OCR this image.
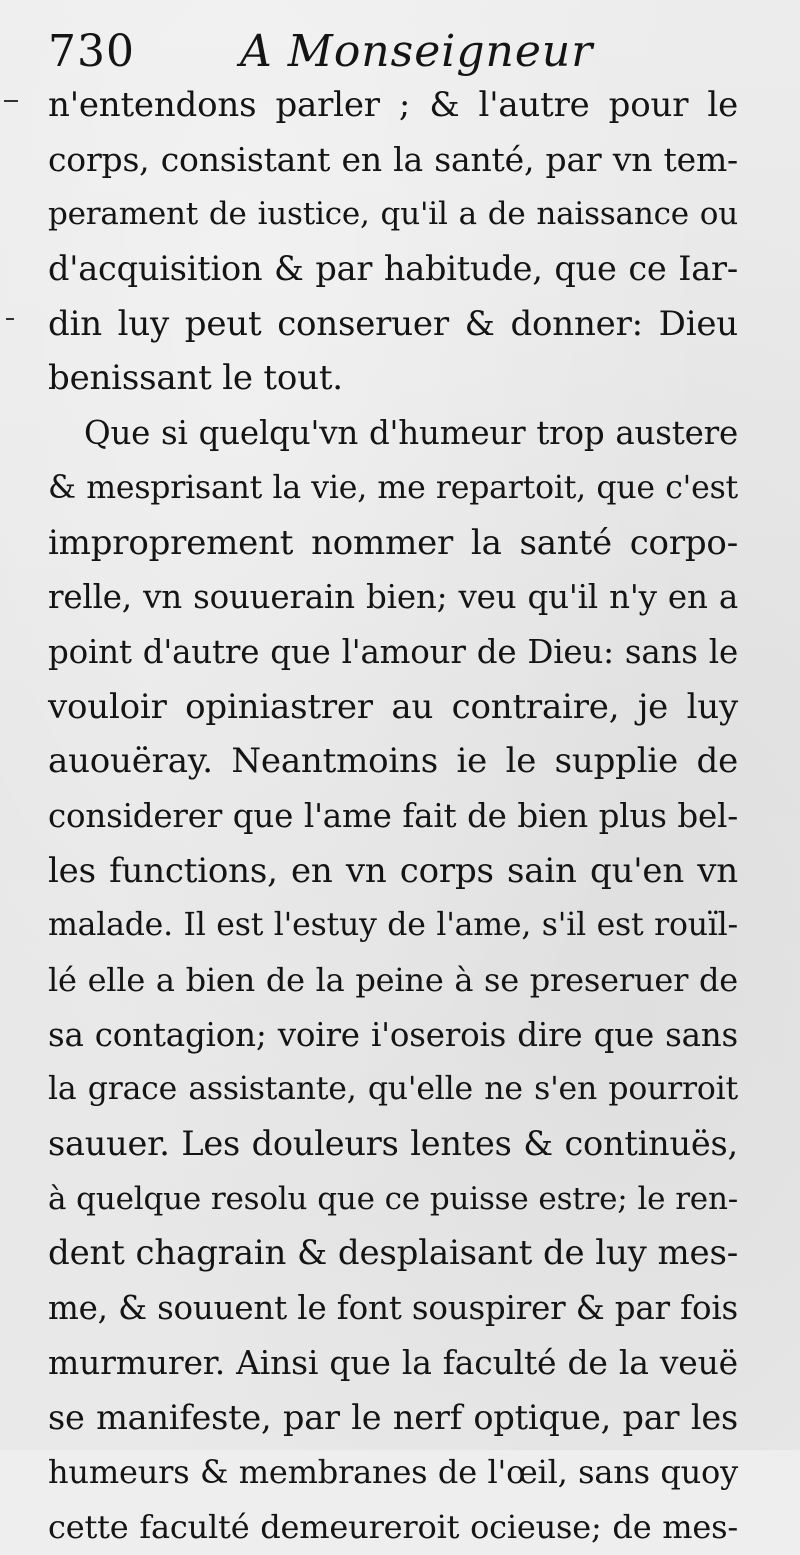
730 A Monseigneur
n'entendons parler ; & l'autre pour le
corps, consistant en la santé, par vn tem-
perament de iustice, qu'il a de naissance ou
d'acquisition & par habitude, que ce Iar-
din luy peut conseruer & donner: Dieu
benissant le tout.
Que si quelqu'vn d'humeur trop austere
& mesprisant la vie, me repartoit, que c'est
improprement nommer la santé corpo-
relle, vn souuerain bien; veu qu'il n'y en a
point d'autre que l'amour de Dieu: sans le
vouloir opiniastrer au contraire, je luy
auouëray. Neantmoins ie le supplie de
considerer que l'ame fait de bien plus bel-
les functions, en vn corps sain qu'en vn
malade. Il est l'estuy de l'ame, s'il est rouïl-
lé elle a bien de la peine à se preseruer de
sa contagion; voire i'oserois dire que sans
la grace assistante, qu'elle ne s'en pourroit
sauuer. Les douleurs lentes & continuës,
à quelque resolu que ce puisse estre; le ren-
dent chagrain & desplaisant de luy mes-
me, & souuent le font souspirer & par fois
murmurer. Ainsi que la faculté de la veuë
se manifeste, par le nerf optique, par les
humeurs & membranes de l'œil, sans quoy
cette faculté demeureroit ocieuse; de mes-
